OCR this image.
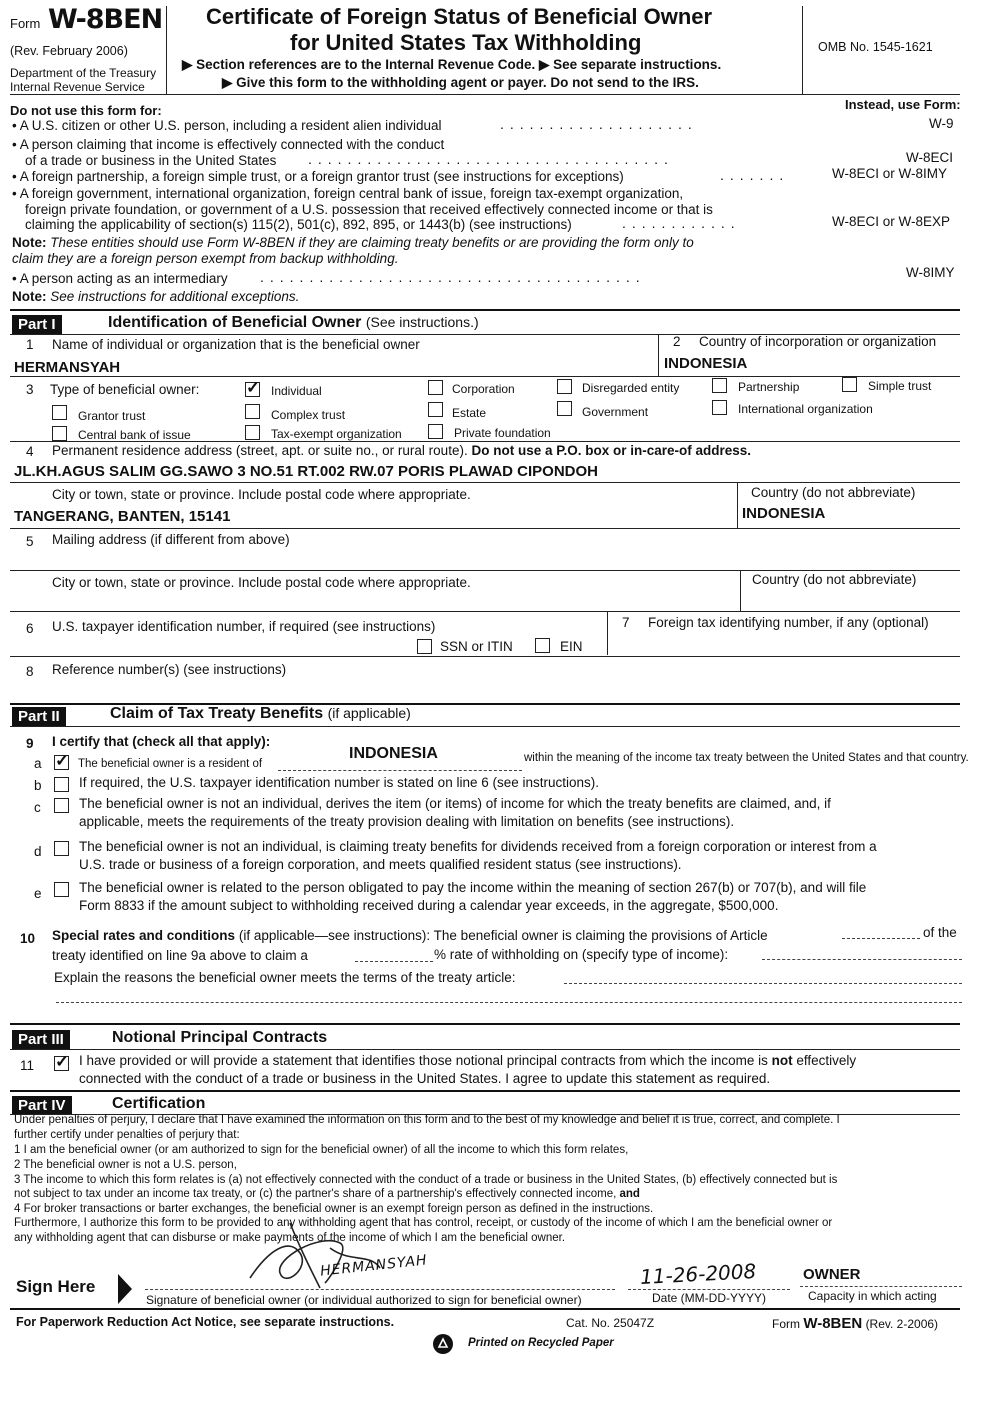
Form W-8BEN
(Rev. February 2006)
Department of the Treasury
Internal Revenue Service
Certificate of Foreign Status of Beneficial Owner
for United States Tax Withholding
▶ Section references are to the Internal Revenue Code. ▶ See separate instructions.
▶ Give this form to the withholding agent or payer. Do not send to the IRS.
OMB No. 1545-1621
Do not use this form for:	Instead, use Form:
• A U.S. citizen or other U.S. person, including a resident alien individual	....................	W-9
• A person claiming that income is effectively connected with the conduct
of a trade or business in the United States .....................................	W-8ECI
• A foreign partnership, a foreign simple trust, or a foreign grantor trust (see instructions for exceptions)	.......	W-8ECI or W-8IMY
• A foreign government, international organization, foreign central bank of issue, foreign tax-exempt organization,
foreign private foundation, or government of a U.S. possession that received effectively connected income or that is
claiming the applicability of section(s) 115(2), 501(c), 892, 895, or 1443(b) (see instructions)	............	W-8ECI or W-8EXP
Note: These entities should use Form W-8BEN if they are claiming treaty benefits or are providing the form only to
claim they are a foreign person exempt from backup withholding.
• A person acting as an intermediary .......................................	W-8IMY
Note: See instructions for additional exceptions.
Part I	Identification of Beneficial Owner (See instructions.)
1 Name of individual or organization that is the beneficial owner
HERMANSYAH
2 Country of incorporation or organization
INDONESIA
3 Type of beneficial owner: ✓	Individual	Corporation	Disregarded entity	Partnership	Simple trust
Grantor trust	Complex trust	Estate	Government	International organization
Central bank of issue	Tax-exempt organization	Private foundation
4 Permanent residence address (street, apt. or suite no., or rural route). Do not use a P.O. box or in-care-of address.
JL.KH.AGUS SALIM GG.SAWO 3 NO.51 RT.002 RW.07 PORIS PLAWAD CIPONDOH
City or town, state or province. Include postal code where appropriate.
TANGERANG, BANTEN, 15141
Country (do not abbreviate)
INDONESIA
5 Mailing address (if different from above)
City or town, state or province. Include postal code where appropriate.	Country (do not abbreviate)
6 U.S. taxpayer identification number, if required (see instructions)
SSN or ITIN	EIN
7 Foreign tax identifying number, if any (optional)
8 Reference number(s) (see instructions)
Part II	Claim of Tax Treaty Benefits (if applicable)
9 I certify that (check all that apply):
a ✓	The beneficial owner is a resident of
INDONESIA	within the meaning of the income tax treaty between the United States and that country.
b	If required, the U.S. taxpayer identification number is stated on line 6 (see instructions).
c	The beneficial owner is not an individual, derives the item (or items) of income for which the treaty benefits are claimed, and, if
applicable, meets the requirements of the treaty provision dealing with limitation on benefits (see instructions).
d	The beneficial owner is not an individual, is claiming treaty benefits for dividends received from a foreign corporation or interest from a
U.S. trade or business of a foreign corporation, and meets qualified resident status (see instructions).
e	The beneficial owner is related to the person obligated to pay the income within the meaning of section 267(b) or 707(b), and will file
Form 8833 if the amount subject to withholding received during a calendar year exceeds, in the aggregate, $500,000.
10 Special rates and conditions (if applicable—see instructions): The beneficial owner is claiming the provisions of Article	of the
treaty identified on line 9a above to claim a	% rate of withholding on (specify type of income):
Explain the reasons the beneficial owner meets the terms of the treaty article:
Part III	Notional Principal Contracts
11 ✓	I have provided or will provide a statement that identifies those notional principal contracts from which the income is not effectively
connected with the conduct of a trade or business in the United States. I agree to update this statement as required.
Part IV	Certification
Under penalties of perjury, I declare that I have examined the information on this form and to the best of my knowledge and belief it is true, correct, and complete. I
further certify under penalties of perjury that:
1 I am the beneficial owner (or am authorized to sign for the beneficial owner) of all the income to which this form relates,
2 The beneficial owner is not a U.S. person,
3 The income to which this form relates is (a) not effectively connected with the conduct of a trade or business in the United States, (b) effectively connected but is
not subject to tax under an income tax treaty, or (c) the partner's share of a partnership's effectively connected income, and
4 For broker transactions or barter exchanges, the beneficial owner is an exempt foreign person as defined in the instructions.
Furthermore, I authorize this form to be provided to any withholding agent that has control, receipt, or custody of the income of which I am the beneficial owner or
any withholding agent that can disburse or make payments of the income of which I am the beneficial owner.
Sign Here
HERMANSYAH
Signature of beneficial owner (or individual authorized to sign for beneficial owner)
11-26-2008
Date (MM-DD-YYYY)
OWNER
Capacity in which acting
For Paperwork Reduction Act Notice, see separate instructions.	Cat. No. 25047Z	Form W-8BEN (Rev. 2-2006)
Printed on Recycled Paper
